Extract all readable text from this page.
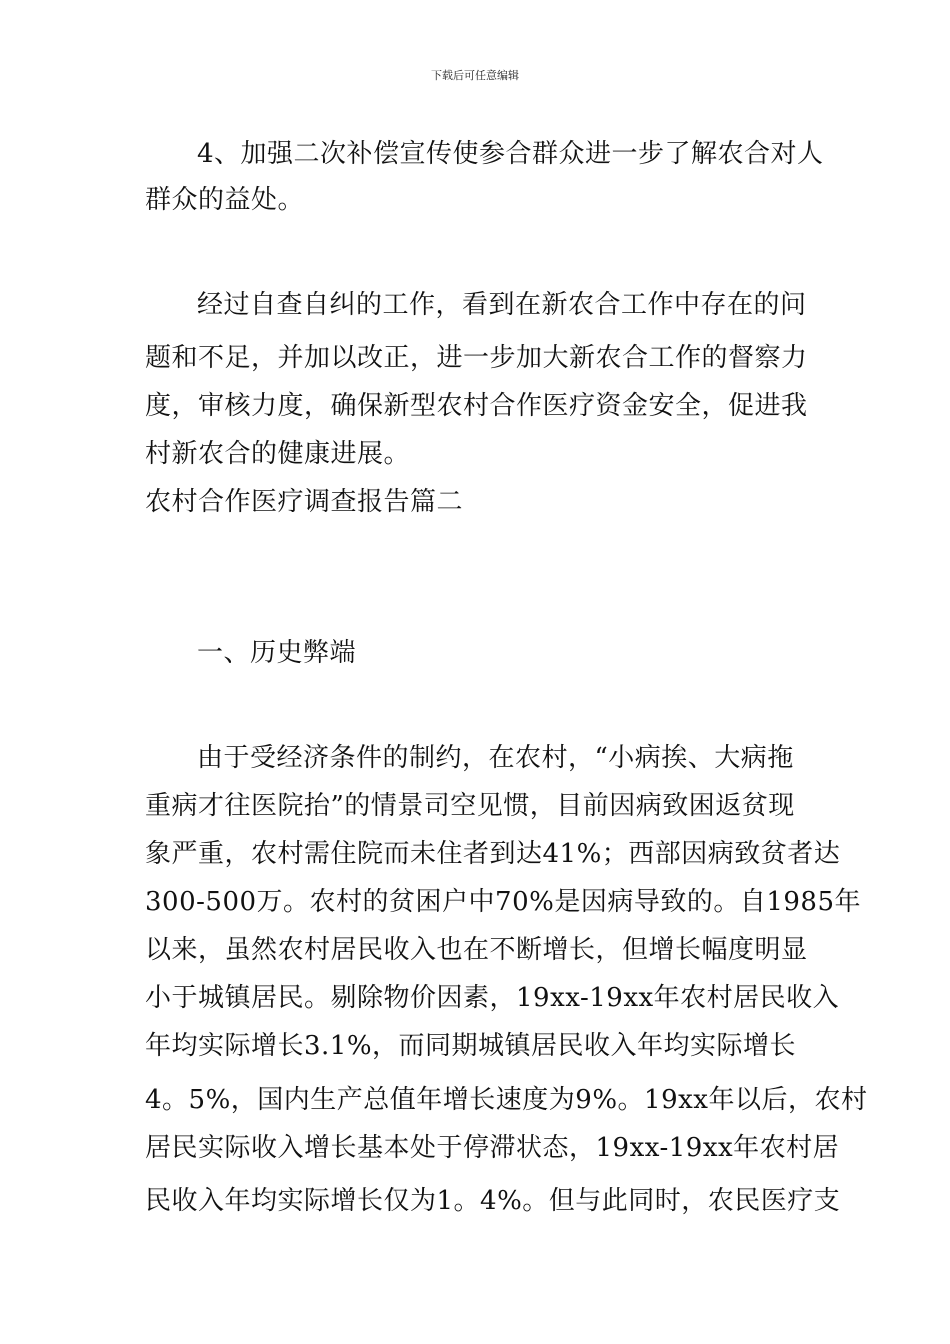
下载后可任意编辑
4、加强二次补偿宣传使参合群众进一步了解农合对人
群众的益处。
经过自查自纠的工作，看到在新农合工作中存在的问
题和不足，并加以改正，进一步加大新农合工作的督察力
度，审核力度，确保新型农村合作医疗资金安全，促进我
村新农合的健康进展。
农村合作医疗调查报告篇二
一、历史弊端
由于受经济条件的制约，在农村，“小病挨、大病拖
重病才往医院抬”的情景司空见惯，目前因病致困返贫现
象严重，农村需住院而未住者到达41%；西部因病致贫者达
300-500万。农村的贫困户中70%是因病导致的。自1985年
以来，虽然农村居民收入也在不断增长，但增长幅度明显
小于城镇居民。剔除物价因素，19xx-19xx年农村居民收入
年均实际增长3.1%，而同期城镇居民收入年均实际增长
4。5%，国内生产总值年增长速度为9%。19xx年以后，农村
居民实际收入增长基本处于停滞状态，19xx-19xx年农村居
民收入年均实际增长仅为1。4%。但与此同时，农民医疗支
